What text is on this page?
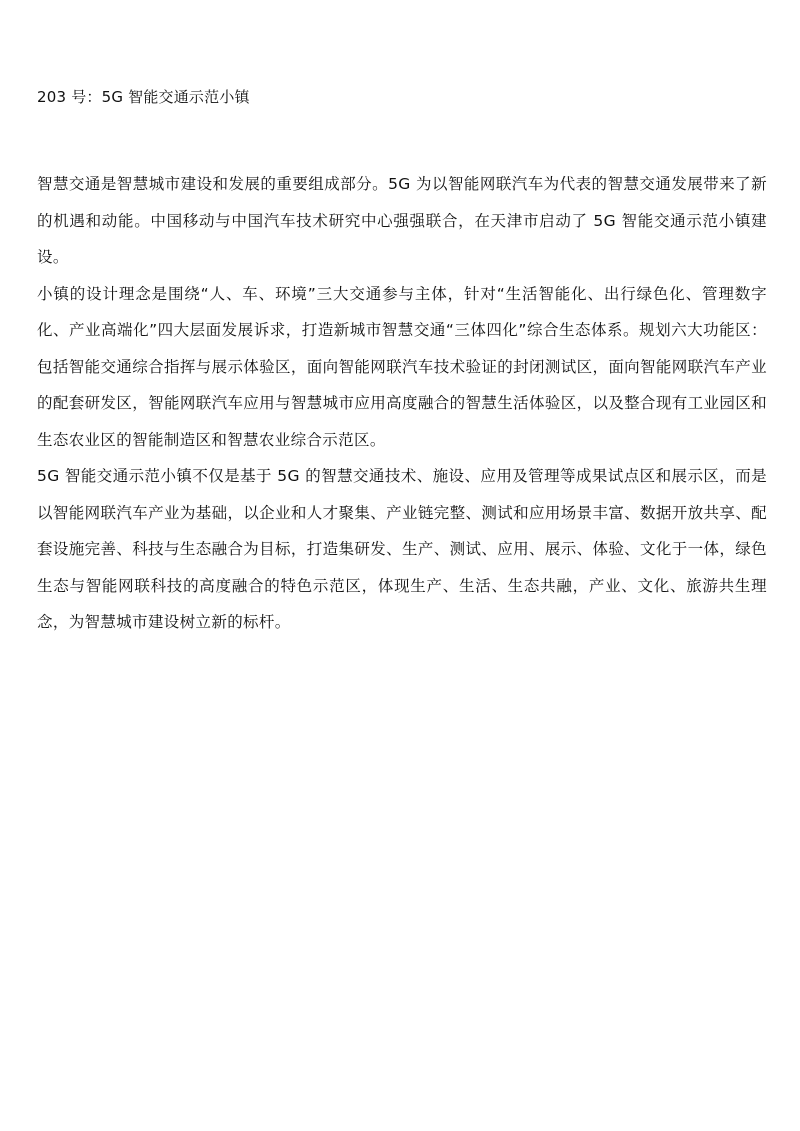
203 号：5G 智能交通示范小镇

智慧交通是智慧城市建设和发展的重要组成部分。5G 为以智能网联汽车为代表的智慧交通发展带来了新的机遇和动能。中国移动与中国汽车技术研究中心强强联合，在天津市启动了 5G 智能交通示范小镇建设。

小镇的设计理念是围绕“人、车、环境”三大交通参与主体，针对“生活智能化、出行绿色化、管理数字化、产业高端化”四大层面发展诉求，打造新城市智慧交通“三体四化”综合生态体系。规划六大功能区：包括智能交通综合指挥与展示体验区，面向智能网联汽车技术验证的封闭测试区，面向智能网联汽车产业的配套研发区，智能网联汽车应用与智慧城市应用高度融合的智慧生活体验区，以及整合现有工业园区和生态农业区的智能制造区和智慧农业综合示范区。

5G 智能交通示范小镇不仅是基于 5G 的智慧交通技术、施设、应用及管理等成果试点区和展示区，而是以智能网联汽车产业为基础，以企业和人才聚集、产业链完整、测试和应用场景丰富、数据开放共享、配套设施完善、科技与生态融合为目标，打造集研发、生产、测试、应用、展示、体验、文化于一体，绿色生态与智能网联科技的高度融合的特色示范区，体现生产、生活、生态共融，产业、文化、旅游共生理念，为智慧城市建设树立新的标杆。
